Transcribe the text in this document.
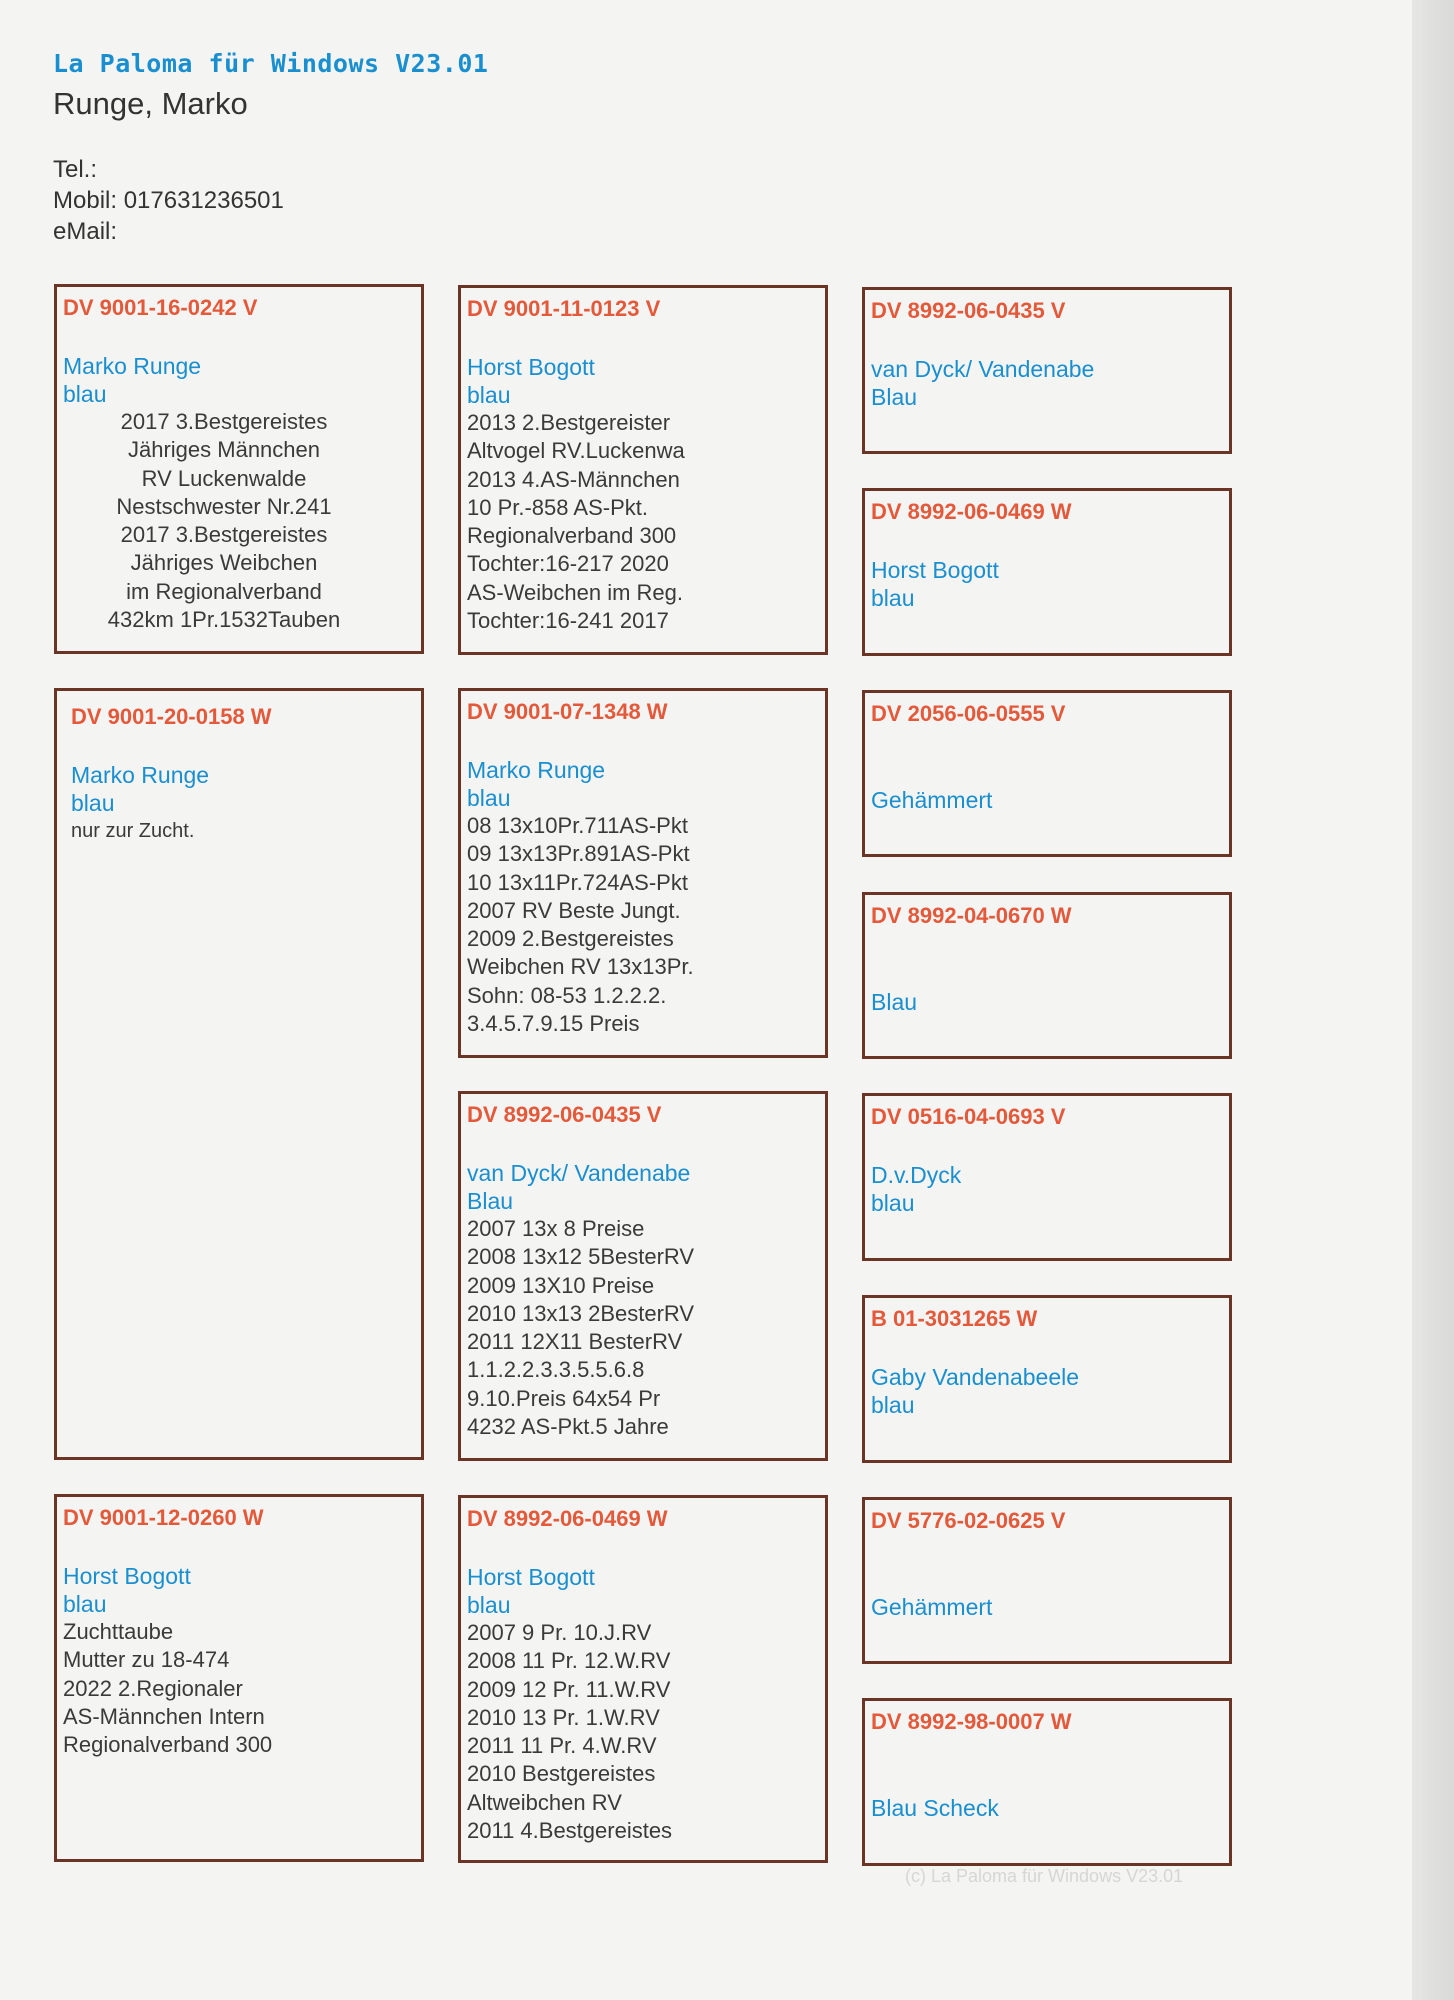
La Paloma für Windows V23.01
Runge, Marko
Tel.:
Mobil: 017631236501
eMail:
DV 9001-16-0242 V
Marko Runge
blau
2017 3.Bestgereistes
Jähriges Männchen
RV Luckenwalde
Nestschwester Nr.241
2017 3.Bestgereistes
Jähriges Weibchen
im Regionalverband
432km 1Pr.1532Tauben
DV 9001-20-0158 W
Marko Runge
blau
nur zur Zucht.
DV 9001-12-0260 W
Horst Bogott
blau
Zuchttaube
Mutter zu 18-474
2022 2.Regionaler
AS-Männchen Intern
Regionalverband 300
DV 9001-11-0123 V
Horst Bogott
blau
2013 2.Bestgereister
Altvogel RV.Luckenwa
2013 4.AS-Männchen
10 Pr.-858 AS-Pkt.
Regionalverband 300
Tochter:16-217 2020
AS-Weibchen im Reg.
Tochter:16-241 2017
DV 9001-07-1348 W
Marko Runge
blau
08 13x10Pr.711AS-Pkt
09 13x13Pr.891AS-Pkt
10 13x11Pr.724AS-Pkt
2007 RV Beste Jungt.
2009 2.Bestgereistes
Weibchen RV 13x13Pr.
Sohn: 08-53 1.2.2.2.
3.4.5.7.9.15 Preis
DV 8992-06-0435 V
van Dyck/ Vandenabe
Blau
2007 13x 8 Preise
2008 13x12 5BesterRV
2009 13X10 Preise
2010 13x13 2BesterRV
2011 12X11 BesterRV
1.1.2.2.3.3.5.5.6.8
9.10.Preis 64x54 Pr
4232 AS-Pkt.5 Jahre
DV 8992-06-0469 W
Horst Bogott
blau
2007 9 Pr. 10.J.RV
2008 11 Pr. 12.W.RV
2009 12 Pr. 11.W.RV
2010 13 Pr. 1.W.RV
2011 11 Pr. 4.W.RV
2010 Bestgereistes
Altweibchen RV
2011 4.Bestgereistes
DV 8992-06-0435 V
van Dyck/ Vandenabe
Blau
DV 8992-06-0469 W
Horst Bogott
blau
DV 2056-06-0555 V

Gehämmert
DV 8992-04-0670 W

Blau
DV 0516-04-0693 V
D.v.Dyck
blau
B 01-3031265 W
Gaby Vandenabeele
blau
DV 5776-02-0625 V

Gehämmert
DV 8992-98-0007 W

Blau Scheck
(c) La Paloma für Windows V23.01
